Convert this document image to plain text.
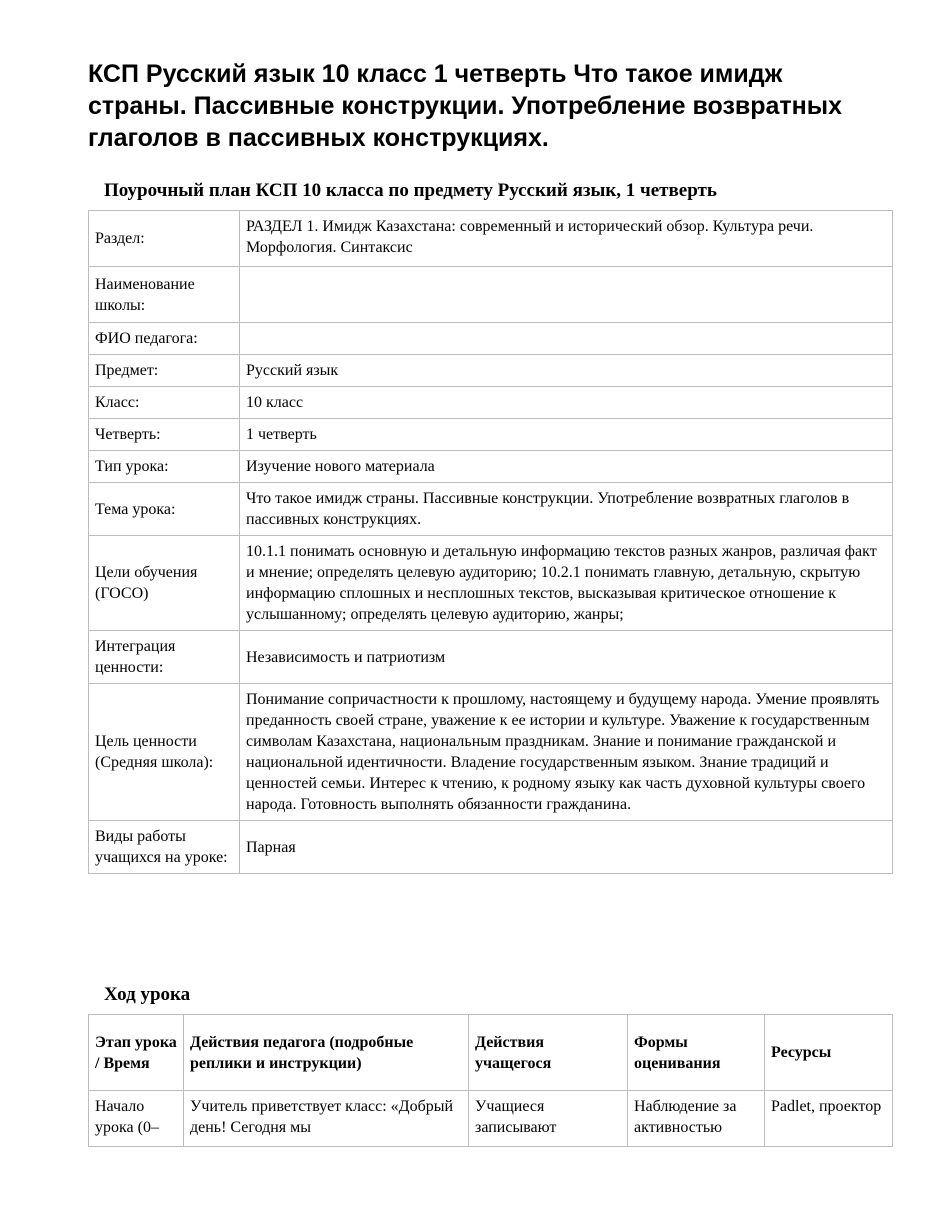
КСП Русский язык 10 класс 1 четверть Что такое имидж страны. Пассивные конструкции. Употребление возвратных глаголов в пассивных конструкциях.
Поурочный план КСП 10 класса по предмету Русский язык, 1 четверть
Раздел:	РАЗДЕЛ 1. Имидж Казахстана: современный и исторический обзор. Культура речи. Морфология. Синтаксис
Наименование школы:	
ФИО педагога:	
Предмет:	Русский язык
Класс:	10 класс
Четверть:	1 четверть
Тип урока:	Изучение нового материала
Тема урока:	Что такое имидж страны. Пассивные конструкции. Употребление возвратных глаголов в пассивных конструкциях.
Цели обучения (ГОСО)	10.1.1 понимать основную и детальную информацию текстов разных жанров, различая факт и мнение; определять целевую аудиторию; 10.2.1 понимать главную, детальную, скрытую информацию сплошных и несплошных текстов, высказывая критическое отношение к услышанному; определять целевую аудиторию, жанры;
Интеграция ценности:	Независимость и патриотизм
Цель ценности (Средняя школа):	Понимание сопричастности к прошлому, настоящему и будущему народа. Умение проявлять преданность своей стране, уважение к ее истории и культуре. Уважение к государственным символам Казахстана, национальным праздникам. Знание и понимание гражданской и национальной идентичности. Владение государственным языком. Знание традиций и ценностей семьи. Интерес к чтению, к родному языку как часть духовной культуры своего народа. Готовность выполнять обязанности гражданина.
Виды работы учащихся на уроке:	Парная
Ход урока
Этап урока / Время	Действия педагога (подробные реплики и инструкции)	Действия учащегося	Формы оценивания	Ресурсы
Начало урока (0–	Учитель приветствует класс: «Добрый день! Сегодня мы	Учащиеся записывают	Наблюдение за активностью	Padlet, проектор
